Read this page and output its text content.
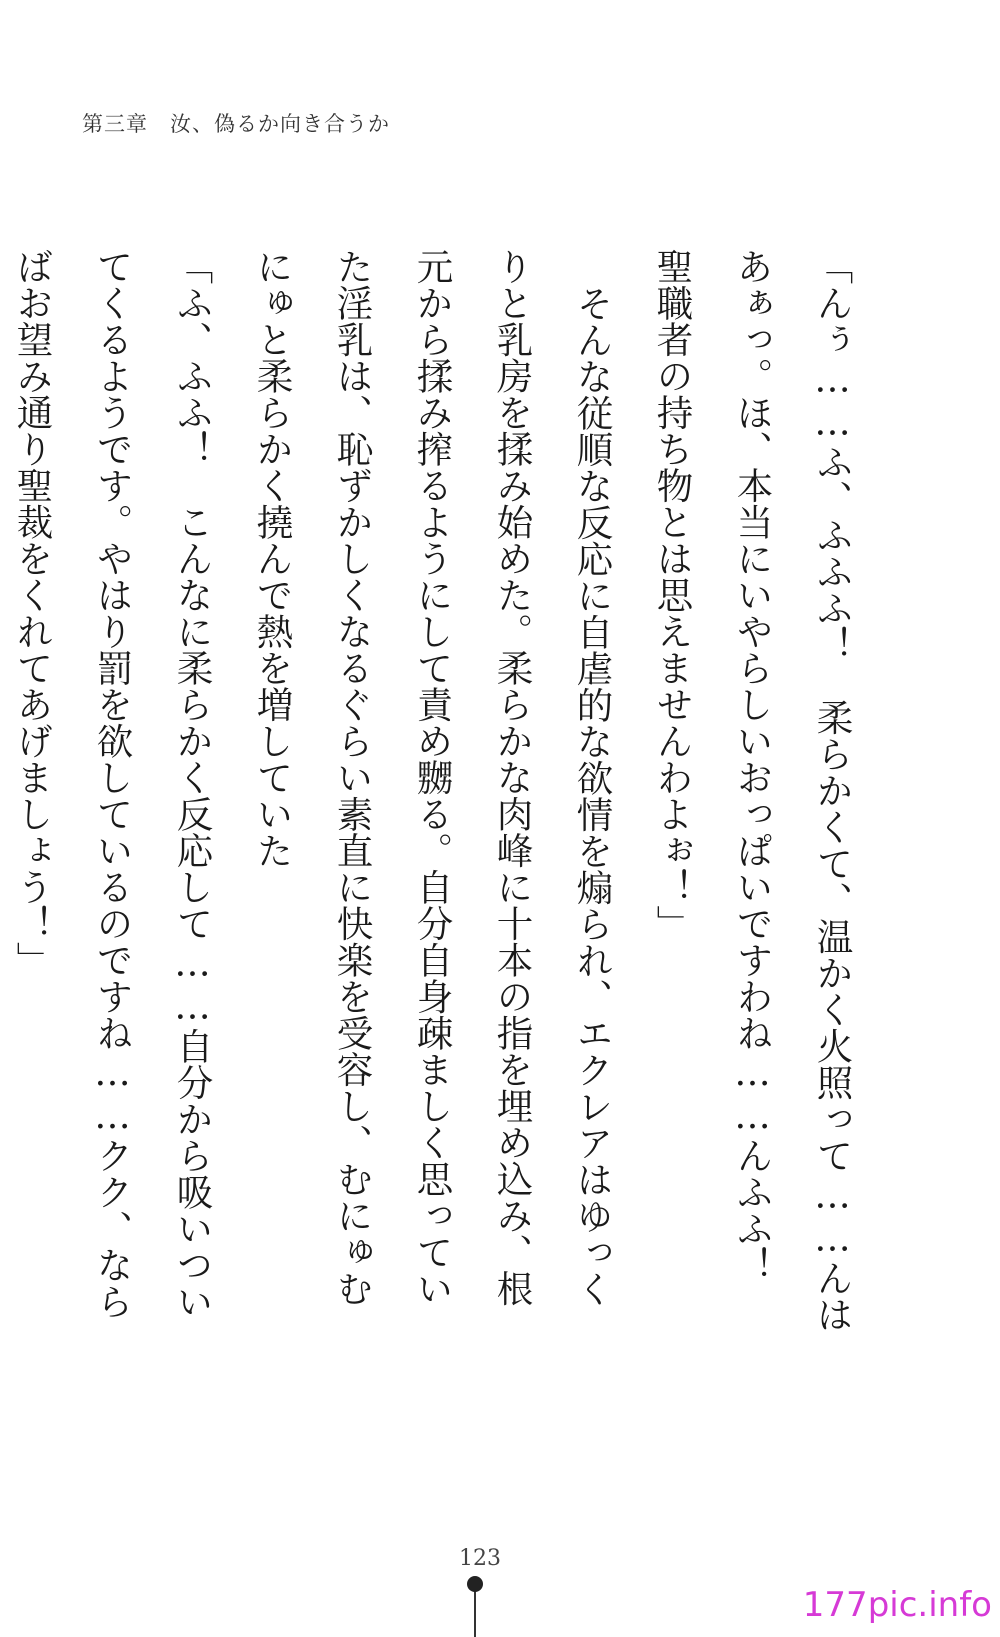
第三章　汝、偽るか向き合うか

「んぅ……ふ、ふふふ！　柔らかくて、温かく火照って……んはあぁっ。ほ、本当にいやらしいおっぱいですわね……んふふ！　聖職者の持ち物とは思えませんわよぉ！」

そんな従順な反応に自虐的な欲情を煽られ、エクレアはゆっくりと乳房を揉み始めた。柔らかな肉峰に十本の指を埋め込み、根元から揉み搾るようにして責め嬲る。自分自身疎ましく思っていた淫乳は、恥ずかしくなるぐらい素直に快楽を受容し、むにゅむにゅと柔らかく撓んで熱を増していた

「ふ、ふふ！　こんなに柔らかく反応して……自分から吸いついてくるようです。やはり罰を欲しているのですね……クク、ならばお望み通り聖裁をくれてあげましょう！」

123
177pic.info
